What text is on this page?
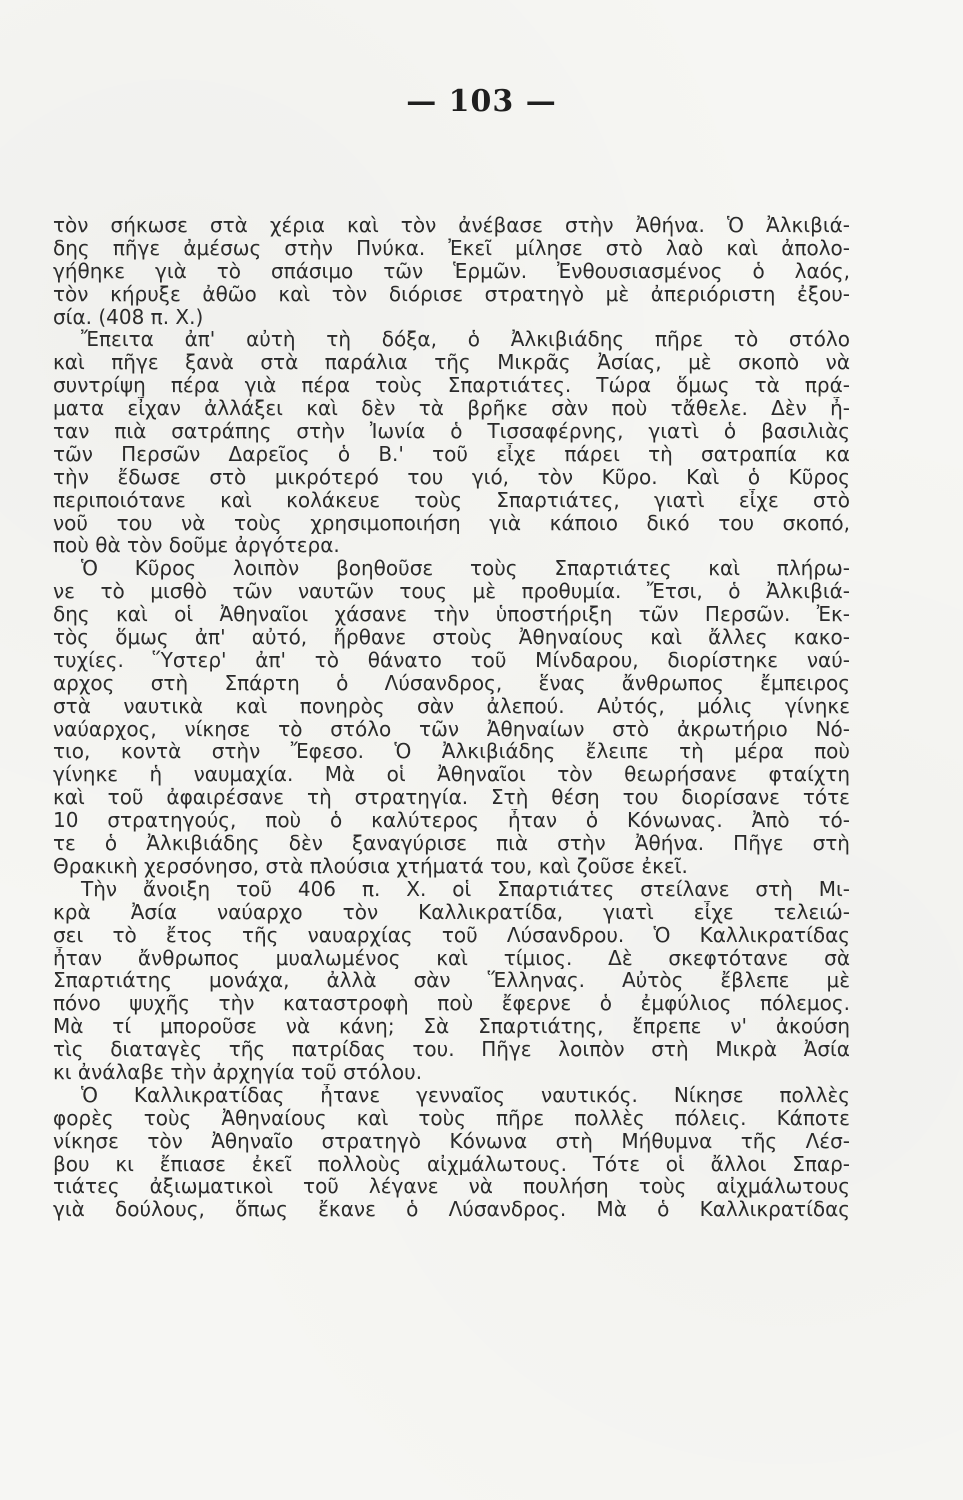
— 103 —
τὸν σήκωσε στὰ χέρια καὶ τὸν ἀνέβασε στὴν Ἀθήνα. Ὁ Ἀλκιβιά-
δης πῆγε ἀμέσως στὴν Πνύκα. Ἐκεῖ μίλησε στὸ λαὸ καὶ ἀπολο-
γήθηκε γιὰ τὸ σπάσιμο τῶν Ἑρμῶν. Ἐνθουσιασμένος ὁ λαός,
τὸν κήρυξε ἀθῶο καὶ τὸν διόρισε στρατηγὸ μὲ ἀπεριόριστη ἐξου-
σία. (408 π. Χ.)
Ἔπειτα ἀπ' αὐτὴ τὴ δόξα, ὁ Ἀλκιβιάδης πῆρε τὸ στόλο
καὶ πῆγε ξανὰ στὰ παράλια τῆς Μικρᾶς Ἀσίας, μὲ σκοπὸ νὰ
συντρίψη πέρα γιὰ πέρα τοὺς Σπαρτιάτες. Τώρα ὅμως τὰ πρά-
ματα εἶχαν ἀλλάξει καὶ δὲν τὰ βρῆκε σὰν ποὺ τἄθελε. Δὲν ἦ-
ταν πιὰ σατράπης στὴν Ἰωνία ὁ Τισσαφέρνης, γιατὶ ὁ βασιλιὰς
τῶν Περσῶν Δαρεῖος ὁ Β.' τοῦ εἶχε πάρει τὴ σατραπία κα
τὴν ἔδωσε στὸ μικρότερό του γιό, τὸν Κῦρο. Καὶ ὁ Κῦρος
περιποιότανε καὶ κολάκευε τοὺς Σπαρτιάτες, γιατὶ εἶχε στὸ
νοῦ του νὰ τοὺς χρησιμοποιήση γιὰ κάποιο δικό του σκοπό,
ποὺ θὰ τὸν δοῦμε ἀργότερα.
Ὁ Κῦρος λοιπὸν βοηθοῦσε τοὺς Σπαρτιάτες καὶ πλήρω-
νε τὸ μισθὸ τῶν ναυτῶν τους μὲ προθυμία. Ἔτσι, ὁ Ἀλκιβιά-
δης καὶ οἱ Ἀθηναῖοι χάσανε τὴν ὑποστήριξη τῶν Περσῶν. Ἐκ-
τὸς ὅμως ἀπ' αὐτό, ἤρθανε στοὺς Ἀθηναίους καὶ ἄλλες κακο-
τυχίες. Ὕστερ' ἀπ' τὸ θάνατο τοῦ Μίνδαρου, διορίστηκε ναύ-
αρχος στὴ Σπάρτη ὁ Λύσανδρος, ἕνας ἄνθρωπος ἔμπειρος
στὰ ναυτικὰ καὶ πονηρὸς σὰν ἀλεπού. Αὐτός, μόλις γίνηκε
ναύαρχος, νίκησε τὸ στόλο τῶν Ἀθηναίων στὸ ἀκρωτήριο Νό-
τιο, κοντὰ στὴν Ἔφεσο. Ὁ Ἀλκιβιάδης ἔλειπε τὴ μέρα ποὺ
γίνηκε ἡ ναυμαχία. Μὰ οἱ Ἀθηναῖοι τὸν θεωρήσανε φταίχτη
καὶ τοῦ ἀφαιρέσανε τὴ στρατηγία. Στὴ θέση του διορίσανε τότε
10 στρατηγούς, ποὺ ὁ καλύτερος ἦταν ὁ Κόνωνας. Ἀπὸ τό-
τε ὁ Ἀλκιβιάδης δὲν ξαναγύρισε πιὰ στὴν Ἀθήνα. Πῆγε στὴ
Θρακικὴ χερσόνησο, στὰ πλούσια χτήματά του, καὶ ζοῦσε ἐκεῖ.
Τὴν ἄνοιξη τοῦ 406 π. Χ. οἱ Σπαρτιάτες στείλανε στὴ Μι-
κρὰ Ἀσία ναύαρχο τὸν Καλλικρατίδα, γιατὶ εἶχε τελειώ-
σει τὸ ἔτος τῆς ναυαρχίας τοῦ Λύσανδρου. Ὁ Καλλικρατίδας
ἦταν ἄνθρωπος μυαλωμένος καὶ τίμιος. Δὲ σκεφτότανε σὰ
Σπαρτιάτης μονάχα, ἀλλὰ σὰν Ἕλληνας. Αὐτὸς ἔβλεπε μὲ
πόνο ψυχῆς τὴν καταστροφὴ ποὺ ἔφερνε ὁ ἐμφύλιος πόλεμος.
Μὰ τί μποροῦσε νὰ κάνη; Σὰ Σπαρτιάτης, ἔπρεπε ν' ἀκούση
τὶς διαταγὲς τῆς πατρίδας του. Πῆγε λοιπὸν στὴ Μικρὰ Ἀσία
κι ἀνάλαβε τὴν ἀρχηγία τοῦ στόλου.
Ὁ Καλλικρατίδας ἦτανε γενναῖος ναυτικός. Νίκησε πολλὲς
φορὲς τοὺς Ἀθηναίους καὶ τοὺς πῆρε πολλὲς πόλεις. Κάποτε
νίκησε τὸν Ἀθηναῖο στρατηγὸ Κόνωνα στὴ Μήθυμνα τῆς Λέσ-
βου κι ἔπιασε ἐκεῖ πολλοὺς αἰχμάλωτους. Τότε οἱ ἄλλοι Σπαρ-
τιάτες ἀξιωματικοὶ τοῦ λέγανε νὰ πουλήση τοὺς αἰχμάλωτους
γιὰ δούλους, ὅπως ἔκανε ὁ Λύσανδρος. Μὰ ὁ Καλλικρατίδας
